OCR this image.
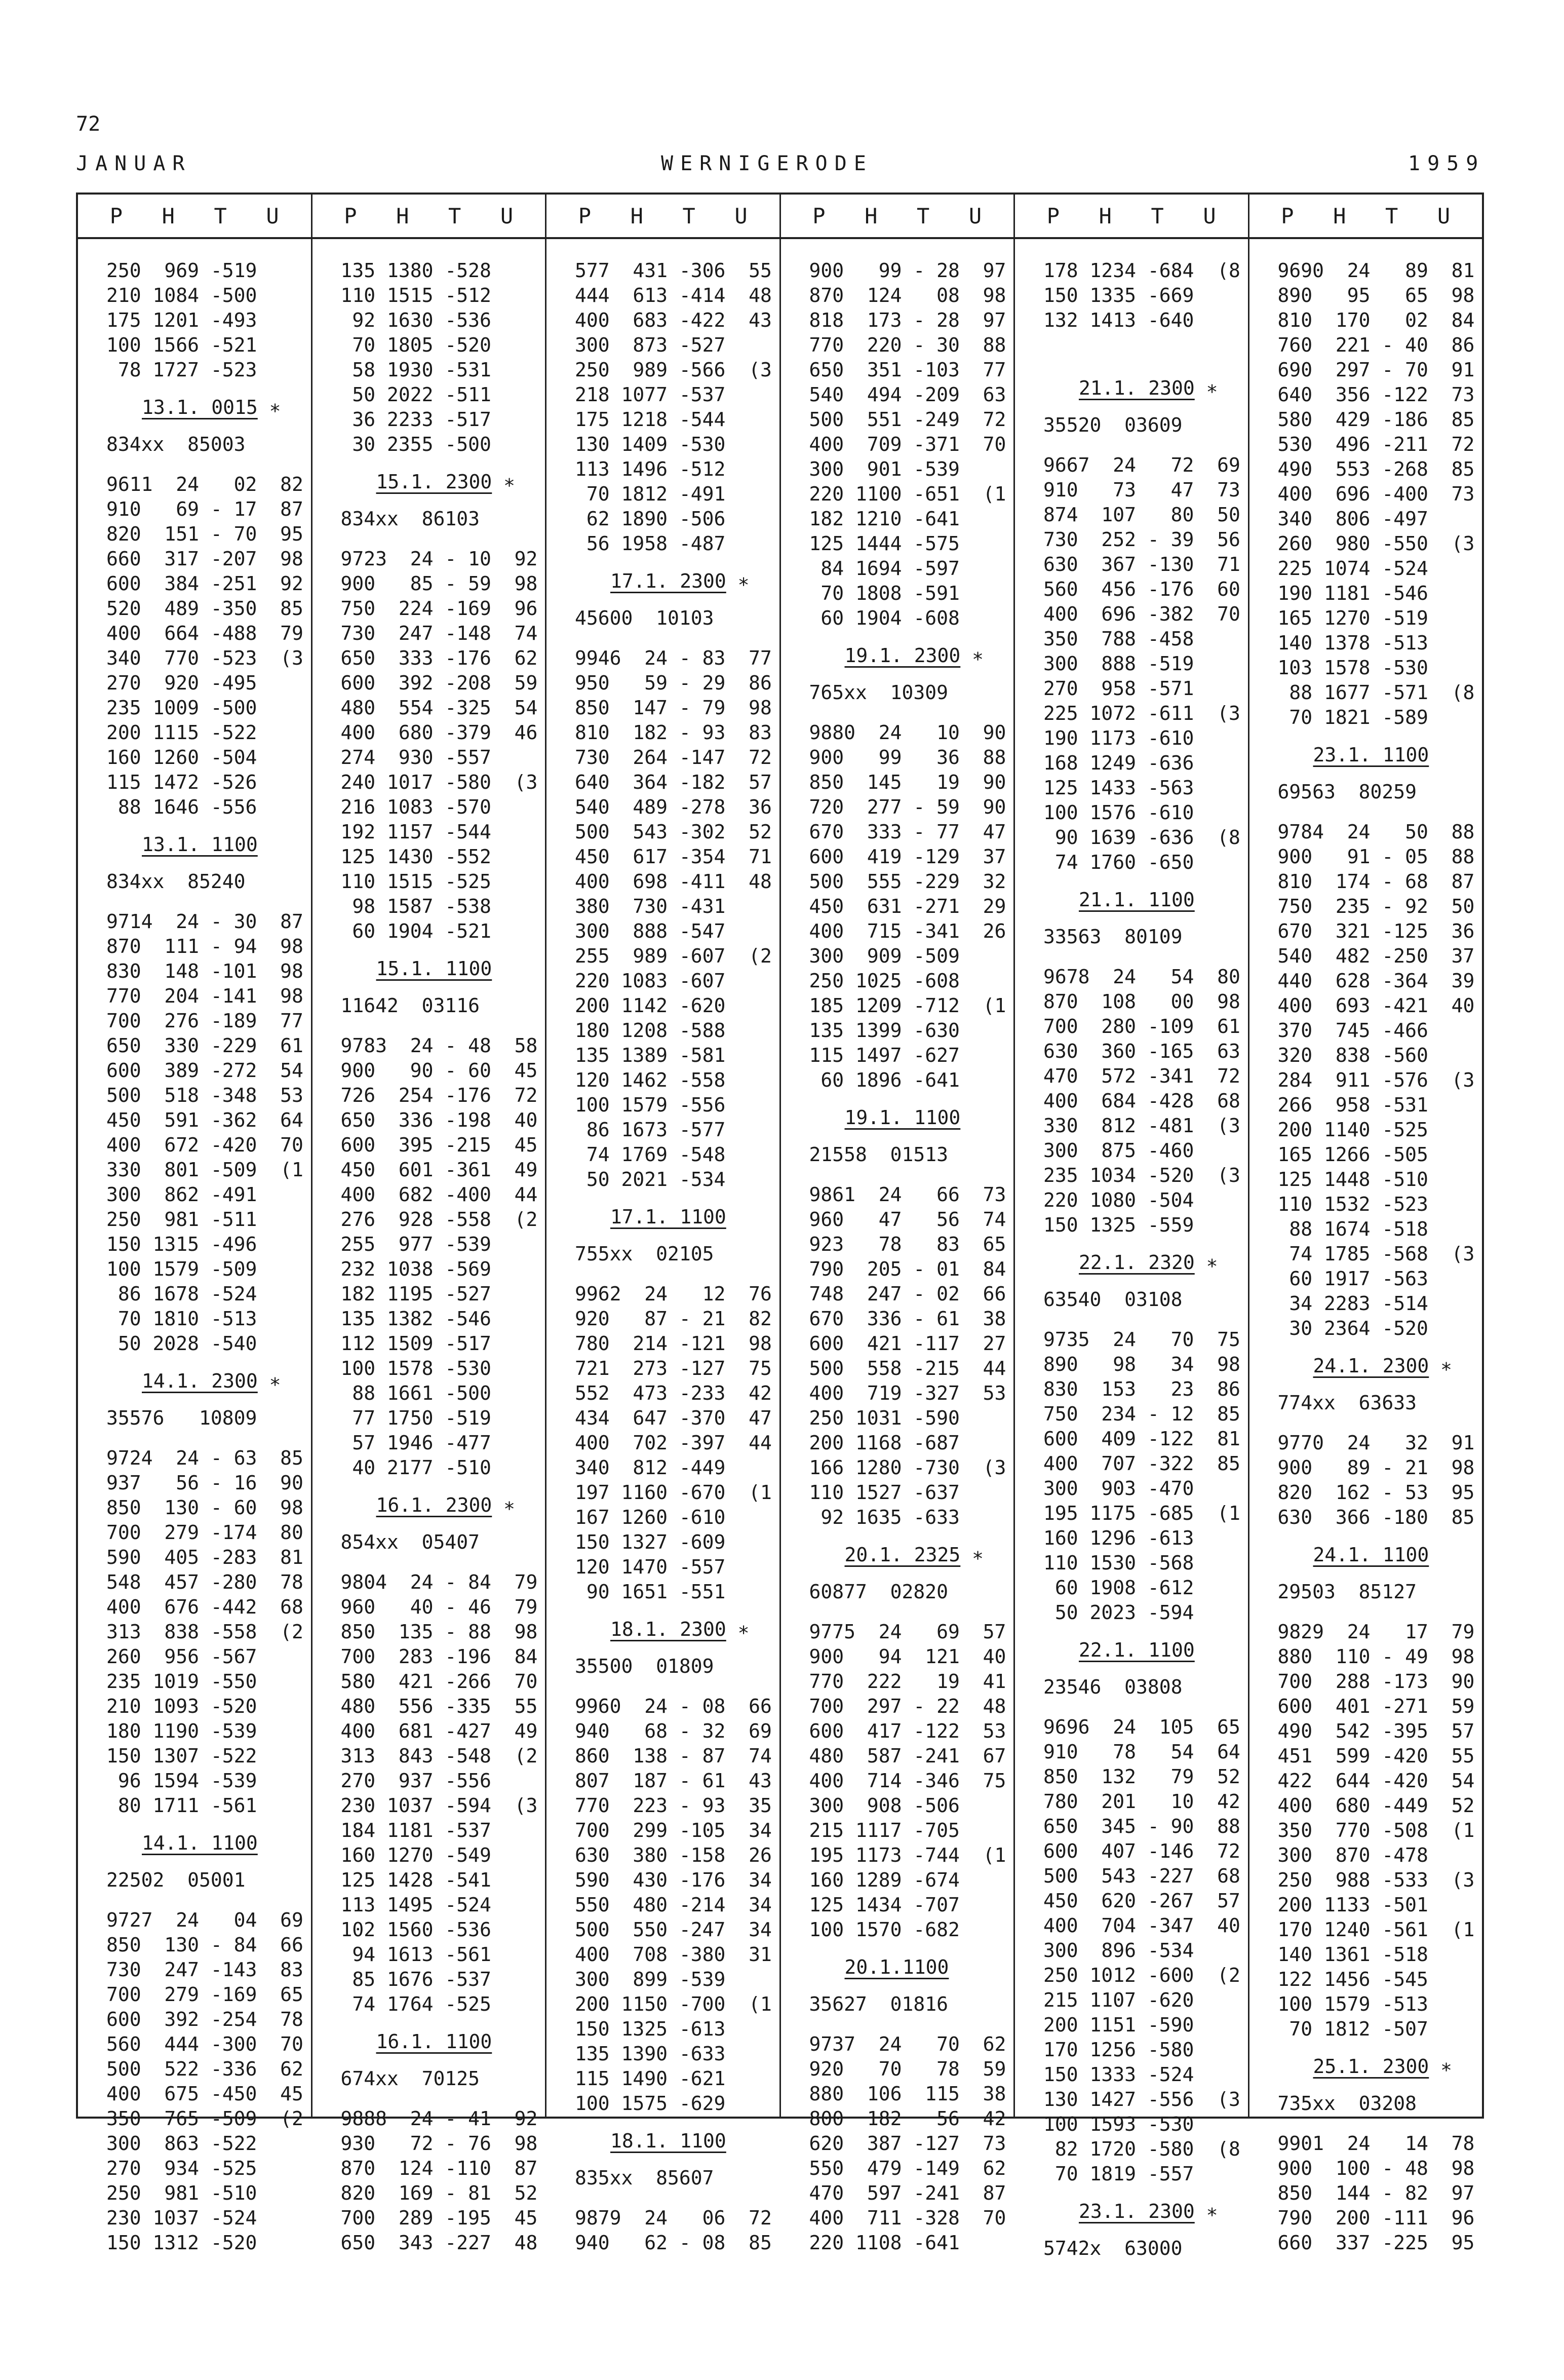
72
JANUAR	WERNIGERODE	1959
P H T U
250  969 -519
210 1084 -500
175 1201 -493
100 1566 -521
78 1727 -523
13.1. 0015 ∗
834xx  85003
9611  24   02  82
910   69 - 17  87
820  151 - 70  95
660  317 -207  98
600  384 -251  92
520  489 -350  85
400  664 -488  79
340  770 -523  (3
270  920 -495
235 1009 -500
200 1115 -522
160 1260 -504
115 1472 -526
88 1646 -556
13.1. 1100
834xx  85240
9714  24 - 30  87
870  111 - 94  98
830  148 -101  98
770  204 -141  98
700  276 -189  77
650  330 -229  61
600  389 -272  54
500  518 -348  53
450  591 -362  64
400  672 -420  70
330  801 -509  (1
300  862 -491
250  981 -511
150 1315 -496
100 1579 -509
86 1678 -524
70 1810 -513
50 2028 -540
14.1. 2300 ∗
35576   10809
9724  24 - 63  85
937   56 - 16  90
850  130 - 60  98
700  279 -174  80
590  405 -283  81
548  457 -280  78
400  676 -442  68
313  838 -558  (2
260  956 -567
235 1019 -550
210 1093 -520
180 1190 -539
150 1307 -522
96 1594 -539
80 1711 -561
14.1. 1100
22502  05001
9727  24   04  69
850  130 - 84  66
730  247 -143  83
700  279 -169  65
600  392 -254  78
560  444 -300  70
500  522 -336  62
400  675 -450  45
350  765 -509  (2
300  863 -522
270  934 -525
250  981 -510
230 1037 -524
150 1312 -520
P H T U
135 1380 -528
110 1515 -512
92 1630 -536
70 1805 -520
58 1930 -531
50 2022 -511
36 2233 -517
30 2355 -500
15.1. 2300 ∗
834xx  86103
9723  24 - 10  92
900   85 - 59  98
750  224 -169  96
730  247 -148  74
650  333 -176  62
600  392 -208  59
480  554 -325  54
400  680 -379  46
274  930 -557
240 1017 -580  (3
216 1083 -570
192 1157 -544
125 1430 -552
110 1515 -525
98 1587 -538
60 1904 -521
15.1. 1100
11642  03116
9783  24 - 48  58
900   90 - 60  45
726  254 -176  72
650  336 -198  40
600  395 -215  45
450  601 -361  49
400  682 -400  44
276  928 -558  (2
255  977 -539
232 1038 -569
182 1195 -527
135 1382 -546
112 1509 -517
100 1578 -530
88 1661 -500
77 1750 -519
57 1946 -477
40 2177 -510
16.1. 2300 ∗
854xx  05407
9804  24 - 84  79
960   40 - 46  79
850  135 - 88  98
700  283 -196  84
580  421 -266  70
480  556 -335  55
400  681 -427  49
313  843 -548  (2
270  937 -556
230 1037 -594  (3
184 1181 -537
160 1270 -549
125 1428 -541
113 1495 -524
102 1560 -536
94 1613 -561
85 1676 -537
74 1764 -525
16.1. 1100
674xx  70125
9888  24 - 41  92
930   72 - 76  98
870  124 -110  87
820  169 - 81  52
700  289 -195  45
650  343 -227  48
P H T U
577  431 -306  55
444  613 -414  48
400  683 -422  43
300  873 -527
250  989 -566  (3
218 1077 -537
175 1218 -544
130 1409 -530
113 1496 -512
70 1812 -491
62 1890 -506
56 1958 -487
17.1. 2300 ∗
45600  10103
9946  24 - 83  77
950   59 - 29  86
850  147 - 79  98
810  182 - 93  83
730  264 -147  72
640  364 -182  57
540  489 -278  36
500  543 -302  52
450  617 -354  71
400  698 -411  48
380  730 -431
300  888 -547
255  989 -607  (2
220 1083 -607
200 1142 -620
180 1208 -588
135 1389 -581
120 1462 -558
100 1579 -556
86 1673 -577
74 1769 -548
50 2021 -534
17.1. 1100
755xx  02105
9962  24   12  76
920   87 - 21  82
780  214 -121  98
721  273 -127  75
552  473 -233  42
434  647 -370  47
400  702 -397  44
340  812 -449
197 1160 -670  (1
167 1260 -610
150 1327 -609
120 1470 -557
90 1651 -551
18.1. 2300 ∗
35500  01809
9960  24 - 08  66
940   68 - 32  69
860  138 - 87  74
807  187 - 61  43
770  223 - 93  35
700  299 -105  34
630  380 -158  26
590  430 -176  34
550  480 -214  34
500  550 -247  34
400  708 -380  31
300  899 -539
200 1150 -700  (1
150 1325 -613
135 1390 -633
115 1490 -621
100 1575 -629
18.1. 1100
835xx  85607
9879  24   06  72
940   62 - 08  85
P H T U
900   99 - 28  97
870  124   08  98
818  173 - 28  97
770  220 - 30  88
650  351 -103  77
540  494 -209  63
500  551 -249  72
400  709 -371  70
300  901 -539
220 1100 -651  (1
182 1210 -641
125 1444 -575
84 1694 -597
70 1808 -591
60 1904 -608
19.1. 2300 ∗
765xx  10309
9880  24   10  90
900   99   36  88
850  145   19  90
720  277 - 59  90
670  333 - 77  47
600  419 -129  37
500  555 -229  32
450  631 -271  29
400  715 -341  26
300  909 -509
250 1025 -608
185 1209 -712  (1
135 1399 -630
115 1497 -627
60 1896 -641
19.1. 1100
21558  01513
9861  24   66  73
960   47   56  74
923   78   83  65
790  205 - 01  84
748  247 - 02  66
670  336 - 61  38
600  421 -117  27
500  558 -215  44
400  719 -327  53
250 1031 -590
200 1168 -687
166 1280 -730  (3
110 1527 -637
92 1635 -633
20.1. 2325 ∗
60877  02820
9775  24   69  57
900   94  121  40
770  222   19  41
700  297 - 22  48
600  417 -122  53
480  587 -241  67
400  714 -346  75
300  908 -506
215 1117 -705
195 1173 -744  (1
160 1289 -674
125 1434 -707
100 1570 -682
20.1.1100
35627  01816
9737  24   70  62
920   70   78  59
880  106  115  38
800  182   56  42
620  387 -127  73
550  479 -149  62
470  597 -241  87
400  711 -328  70
220 1108 -641
P H T U
178 1234 -684  (8
150 1335 -669
132 1413 -640
21.1. 2300 ∗
35520  03609
9667  24   72  69
910   73   47  73
874  107   80  50
730  252 - 39  56
630  367 -130  71
560  456 -176  60
400  696 -382  70
350  788 -458
300  888 -519
270  958 -571
225 1072 -611  (3
190 1173 -610
168 1249 -636
125 1433 -563
100 1576 -610
90 1639 -636  (8
74 1760 -650
21.1. 1100
33563  80109
9678  24   54  80
870  108   00  98
700  280 -109  61
630  360 -165  63
470  572 -341  72
400  684 -428  68
330  812 -481  (3
300  875 -460
235 1034 -520  (3
220 1080 -504
150 1325 -559
22.1. 2320 ∗
63540  03108
9735  24   70  75
890   98   34  98
830  153   23  86
750  234 - 12  85
600  409 -122  81
400  707 -322  85
300  903 -470
195 1175 -685  (1
160 1296 -613
110 1530 -568
60 1908 -612
50 2023 -594
22.1. 1100
23546  03808
9696  24  105  65
910   78   54  64
850  132   79  52
780  201   10  42
650  345 - 90  88
600  407 -146  72
500  543 -227  68
450  620 -267  57
400  704 -347  40
300  896 -534
250 1012 -600  (2
215 1107 -620
200 1151 -590
170 1256 -580
150 1333 -524
130 1427 -556  (3
100 1593 -530
82 1720 -580  (8
70 1819 -557
23.1. 2300 ∗
5742x  63000
P H T U
9690  24   89  81
890   95   65  98
810  170   02  84
760  221 - 40  86
690  297 - 70  91
640  356 -122  73
580  429 -186  85
530  496 -211  72
490  553 -268  85
400  696 -400  73
340  806 -497
260  980 -550  (3
225 1074 -524
190 1181 -546
165 1270 -519
140 1378 -513
103 1578 -530
88 1677 -571  (8
70 1821 -589
23.1. 1100
69563  80259
9784  24   50  88
900   91 - 05  88
810  174 - 68  87
750  235 - 92  50
670  321 -125  36
540  482 -250  37
440  628 -364  39
400  693 -421  40
370  745 -466
320  838 -560
284  911 -576  (3
266  958 -531
200 1140 -525
165 1266 -505
125 1448 -510
110 1532 -523
88 1674 -518
74 1785 -568  (3
60 1917 -563
34 2283 -514
30 2364 -520
24.1. 2300 ∗
774xx  63633
9770  24   32  91
900   89 - 21  98
820  162 - 53  95
630  366 -180  85
24.1. 1100
29503  85127
9829  24   17  79
880  110 - 49  98
700  288 -173  90
600  401 -271  59
490  542 -395  57
451  599 -420  55
422  644 -420  54
400  680 -449  52
350  770 -508  (1
300  870 -478
250  988 -533  (3
200 1133 -501
170 1240 -561  (1
140 1361 -518
122 1456 -545
100 1579 -513
70 1812 -507
25.1. 2300 ∗
735xx  03208
9901  24   14  78
900  100 - 48  98
850  144 - 82  97
790  200 -111  96
660  337 -225  95
